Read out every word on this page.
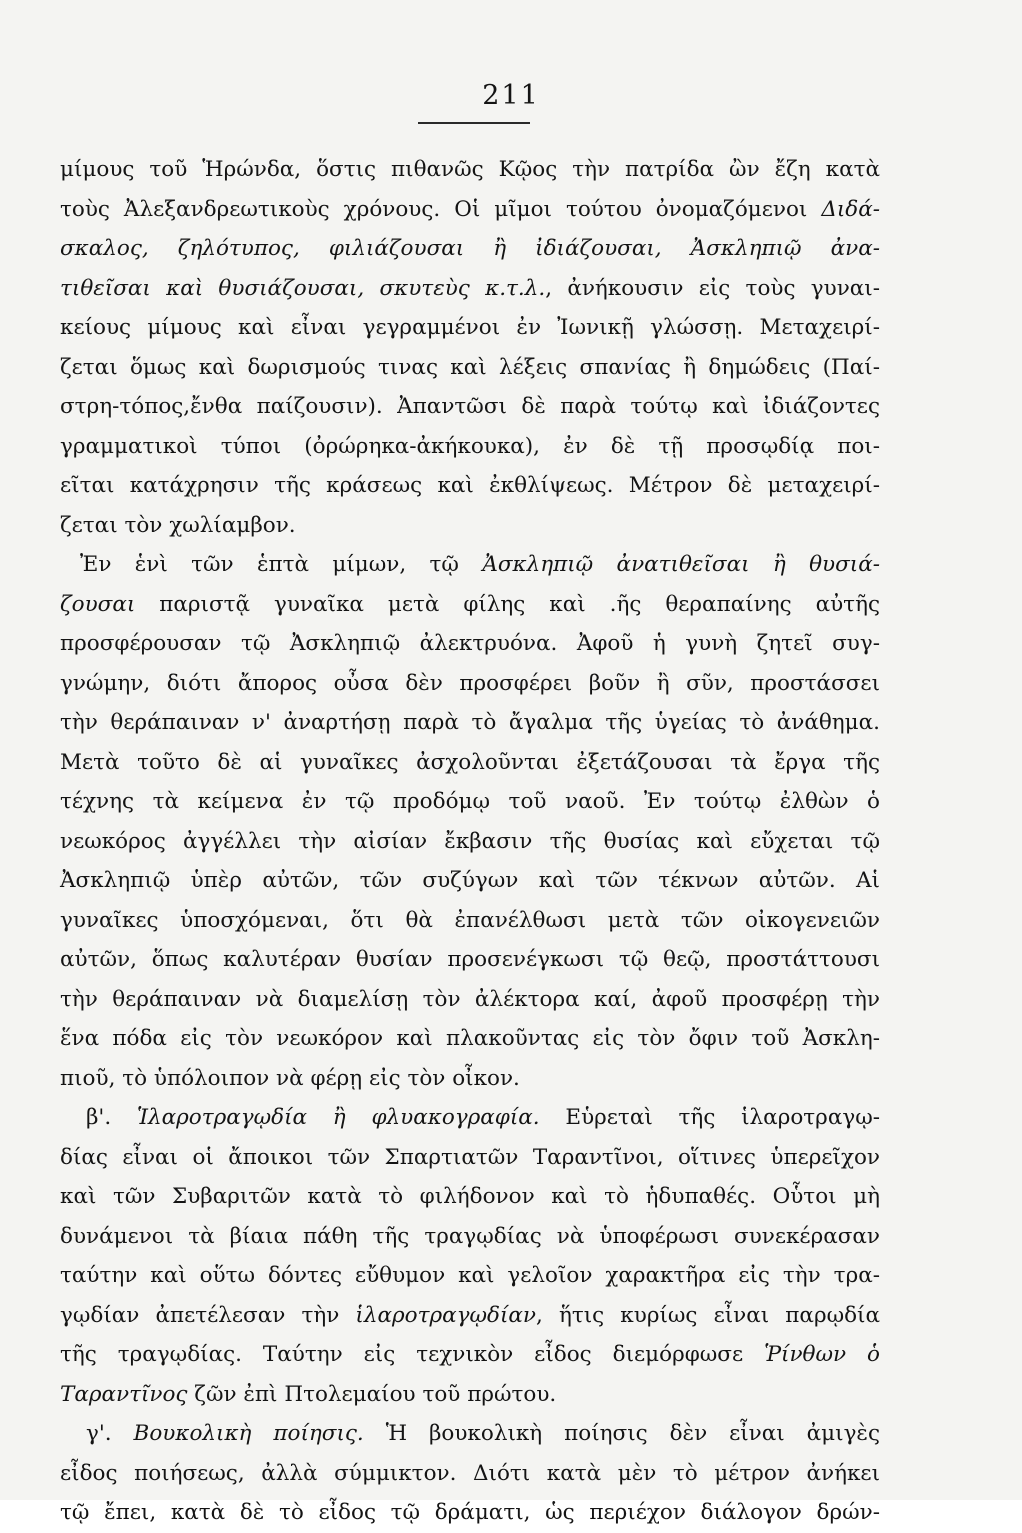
211
μίμους τοῦ Ἡρώνδα, ὅστις πιθανῶς Κῷος τὴν πατρίδα ὢν ἔζη κατὰ
τοὺς Ἀλεξανδρεωτικοὺς χρόνους. Οἱ μῖμοι τούτου ὀνομαζόμενοι Διδά-
σκαλος, ζηλότυπος, φιλιάζουσαι ἢ ἰδιάζουσαι, Ἀσκληπιῷ ἀνα-
τιθεῖσαι καὶ θυσιάζουσαι, σκυτεὺς κ.τ.λ., ἀνήκουσιν εἰς τοὺς γυναι-
κείους μίμους καὶ εἶναι γεγραμμένοι ἐν Ἰωνικῇ γλώσσῃ. Μεταχειρί-
ζεται ὅμως καὶ δωρισμούς τινας καὶ λέξεις σπανίας ἢ δημώδεις (Παί-
στρη-τόπος,ἔνθα παίζουσιν). Ἀπαντῶσι δὲ παρὰ τούτῳ καὶ ἰδιάζοντες
γραμματικοὶ τύποι (ὀρώρηκα-ἀκήκουκα), ἐν δὲ τῇ προσῳδίᾳ ποι-
εῖται κατάχρησιν τῆς κράσεως καὶ ἐκθλίψεως. Μέτρον δὲ μεταχειρί-
ζεται τὸν χωλίαμβον.
Ἐν ἑνὶ τῶν ἑπτὰ μίμων, τῷ Ἀσκληπιῷ ἀνατιθεῖσαι ἢ θυσιά-
ζουσαι παριστᾷ γυναῖκα μετὰ φίλης καὶ .ῆς θεραπαίνης αὐτῆς
προσφέρουσαν τῷ Ἀσκληπιῷ ἀλεκτρυόνα. Ἀφοῦ ἡ γυνὴ ζητεῖ συγ-
γνώμην, διότι ἄπορος οὖσα δὲν προσφέρει βοῦν ἢ σῦν, προστάσσει
τὴν θεράπαιναν ν' ἀναρτήσῃ παρὰ τὸ ἄγαλμα τῆς ὑγείας τὸ ἀνάθημα.
Μετὰ τοῦτο δὲ αἱ γυναῖκες ἀσχολοῦνται ἐξετάζουσαι τὰ ἔργα τῆς
τέχνης τὰ κείμενα ἐν τῷ προδόμῳ τοῦ ναοῦ. Ἐν τούτῳ ἐλθὼν ὁ
νεωκόρος ἀγγέλλει τὴν αἰσίαν ἔκβασιν τῆς θυσίας καὶ εὔχεται τῷ
Ἀσκληπιῷ ὑπὲρ αὐτῶν, τῶν συζύγων καὶ τῶν τέκνων αὐτῶν. Αἱ
γυναῖκες ὑποσχόμεναι, ὅτι θὰ ἐπανέλθωσι μετὰ τῶν οἰκογενειῶν
αὐτῶν, ὅπως καλυτέραν θυσίαν προσενέγκωσι τῷ θεῷ, προστάττουσι
τὴν θεράπαιναν νὰ διαμελίσῃ τὸν ἀλέκτορα καί, ἀφοῦ προσφέρῃ τὴν
ἕνα πόδα εἰς τὸν νεωκόρον καὶ πλακοῦντας εἰς τὸν ὄφιν τοῦ Ἀσκλη-
πιοῦ, τὸ ὑπόλοιπον νὰ φέρῃ εἰς τὸν οἶκον.
β'. Ἱλαροτραγῳδία ἢ φλυακογραφία. Εὑρεταὶ τῆς ἱλαροτραγῳ-
δίας εἶναι οἱ ἄποικοι τῶν Σπαρτιατῶν Ταραντῖνοι, οἵτινες ὑπερεῖχον
καὶ τῶν Συβαριτῶν κατὰ τὸ φιλήδονον καὶ τὸ ἡδυπαθές. Οὗτοι μὴ
δυνάμενοι τὰ βίαια πάθη τῆς τραγῳδίας νὰ ὑποφέρωσι συνεκέρασαν
ταύτην καὶ οὕτω δόντες εὔθυμον καὶ γελοῖον χαρακτῆρα εἰς τὴν τρα-
γῳδίαν ἀπετέλεσαν τὴν ἱλαροτραγῳδίαν, ἥτις κυρίως εἶναι παρῳδία
τῆς τραγῳδίας. Ταύτην εἰς τεχνικὸν εἶδος διεμόρφωσε Ῥίνθων ὁ
Ταραντῖνος ζῶν ἐπὶ Πτολεμαίου τοῦ πρώτου.
γ'. Βουκολικὴ ποίησις. Ἡ βουκολικὴ ποίησις δὲν εἶναι ἀμιγὲς
εἶδος ποιήσεως, ἀλλὰ σύμμικτον. Διότι κατὰ μὲν τὸ μέτρον ἀνήκει
τῷ ἔπει, κατὰ δὲ τὸ εἶδος τῷ δράματι, ὡς περιέχον διάλογον δρών-
